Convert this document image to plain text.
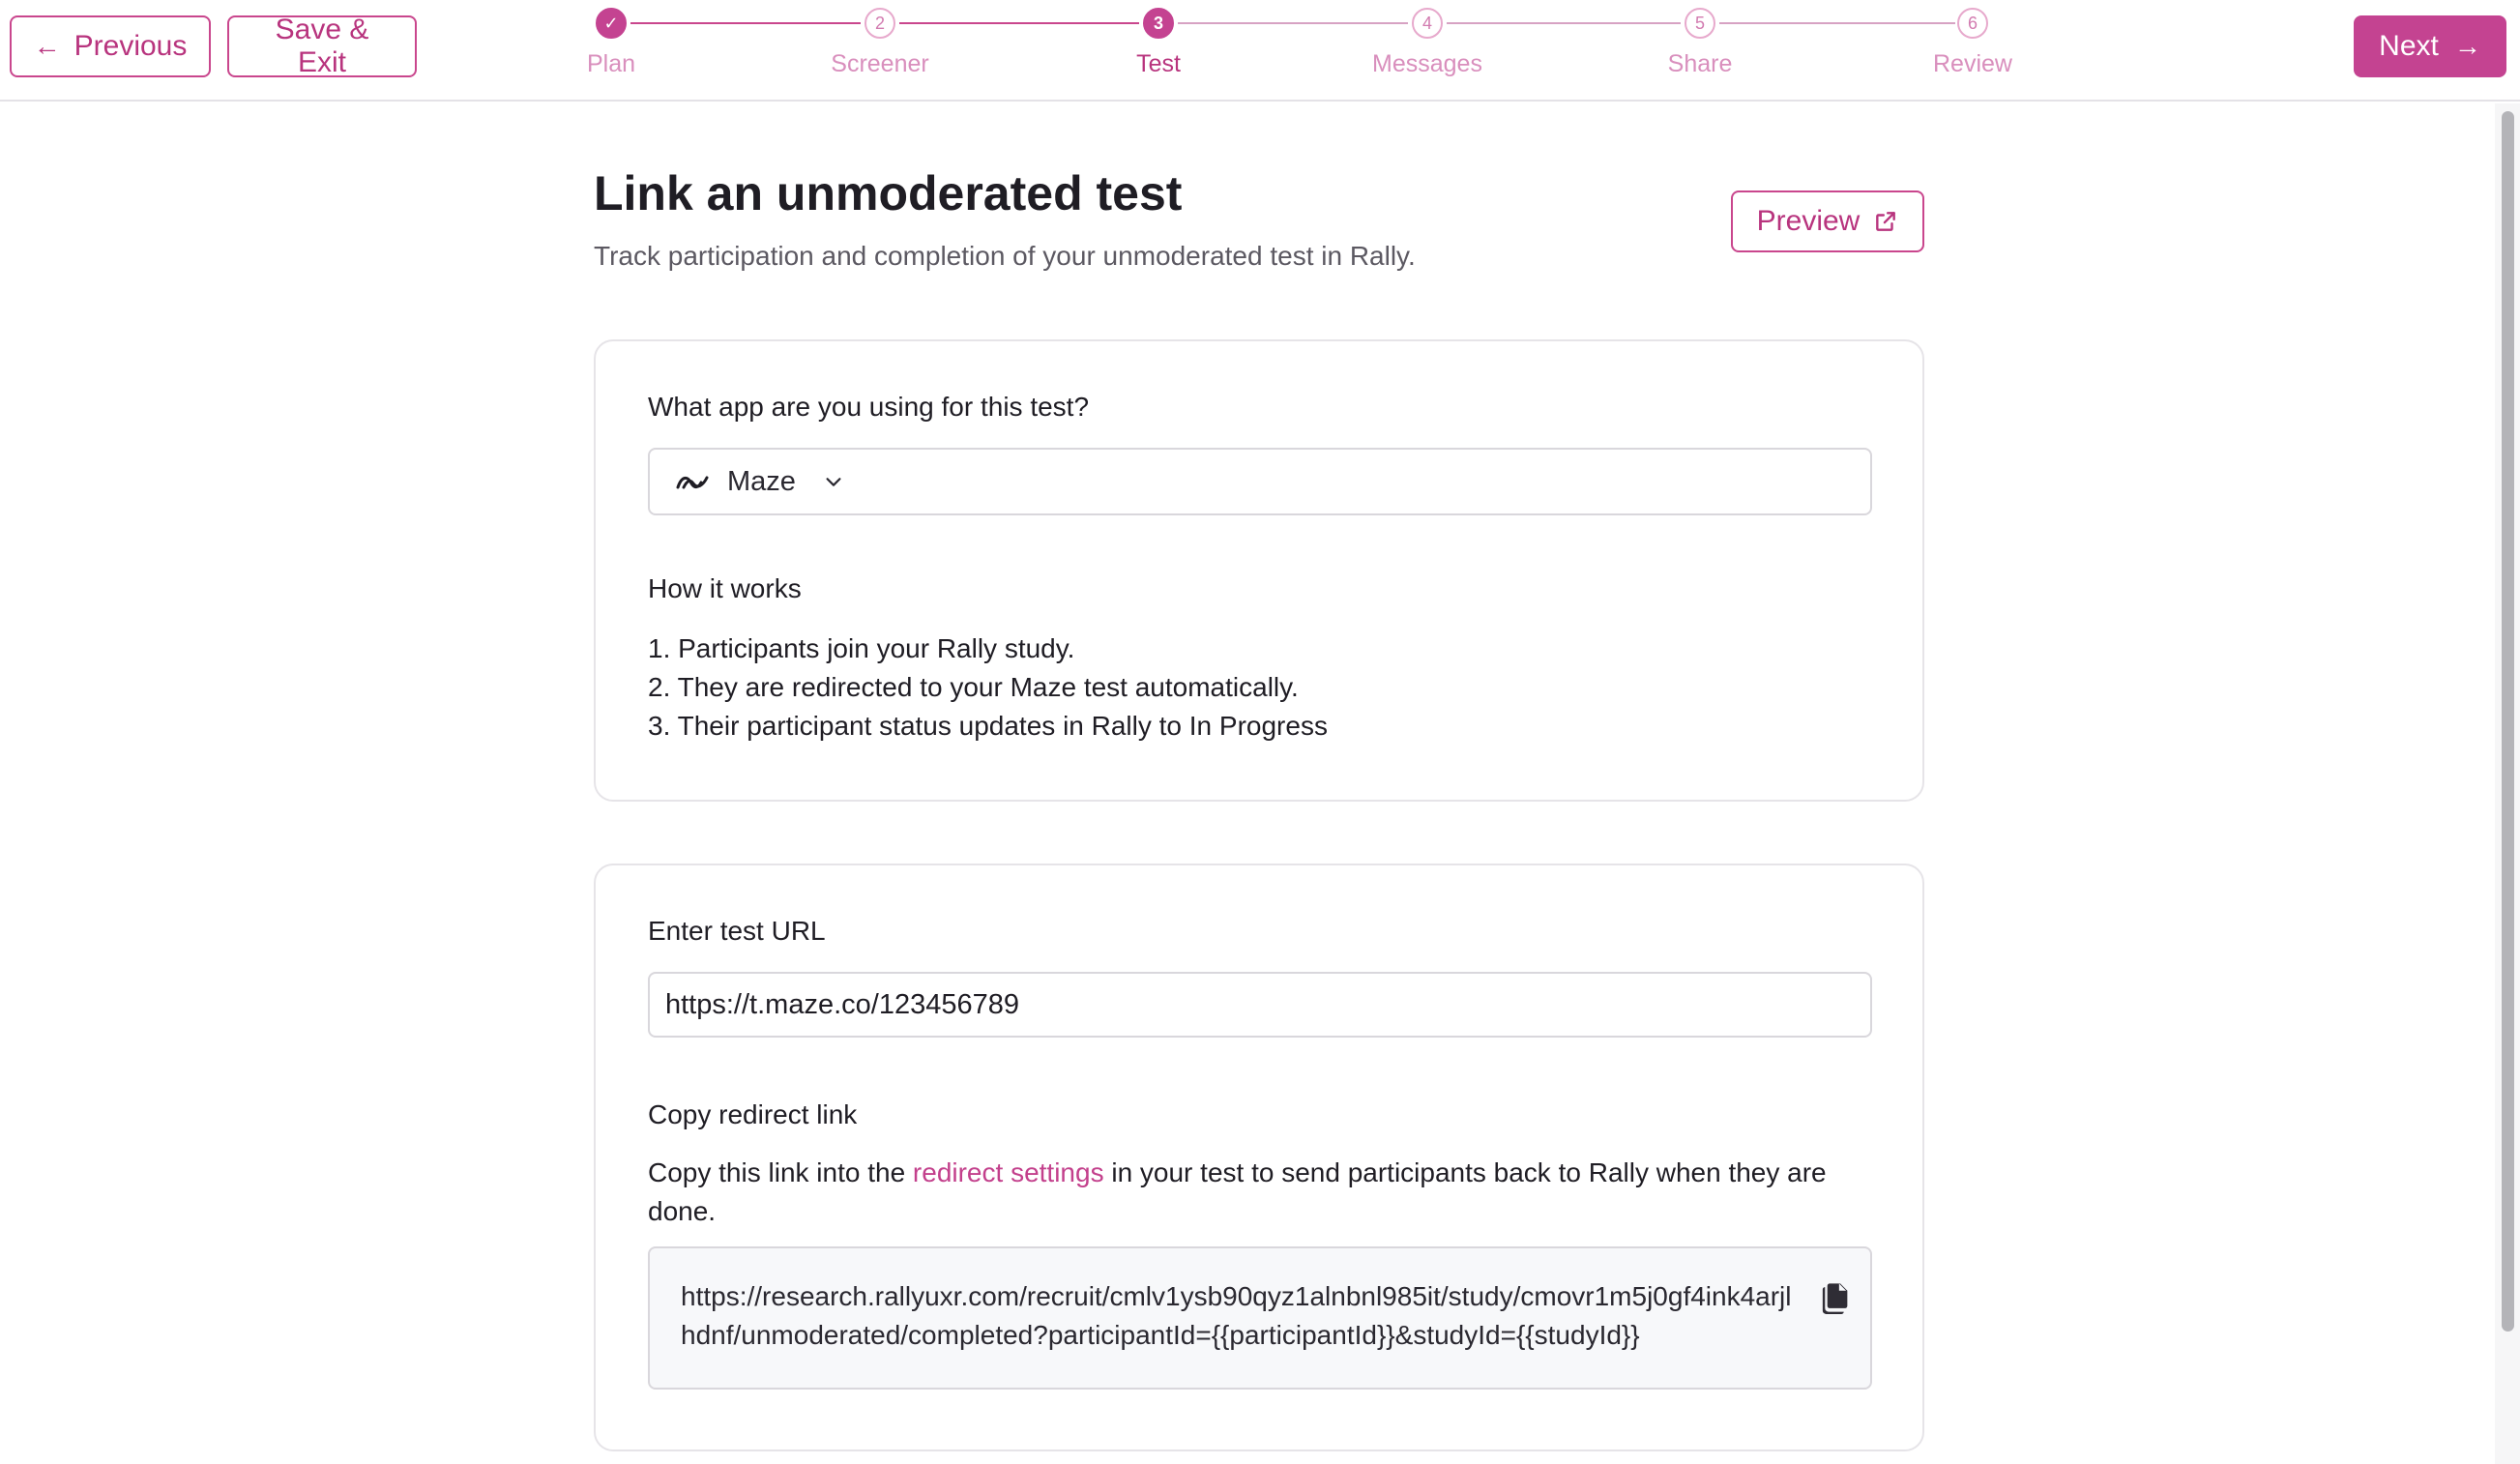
← Previous
Save & Exit
✓
Plan
2
Screener
3
Test
4
Messages
5
Share
6
Review
Next →
Link an unmoderated test

Track participation and completion of your unmoderated test in Rally.

Preview
What app are you using for this test?
Maze
How it works
1. Participants join your Rally study.
2. They are redirected to your Maze test automatically.
3. Their participant status updates in Rally to In Progress
Enter test URL
https://t.maze.co/123456789
Copy redirect link
Copy this link into the redirect settings in your test to send participants back to Rally when they are done.
https://research.rallyuxr.com/recruit/cmlv1ysb90qyz1alnbnl985it/study/cmovr1m5j0gf4ink4arjlhdnf/unmoderated/completed?participantId={{participantId}}&studyId={{studyId}}
